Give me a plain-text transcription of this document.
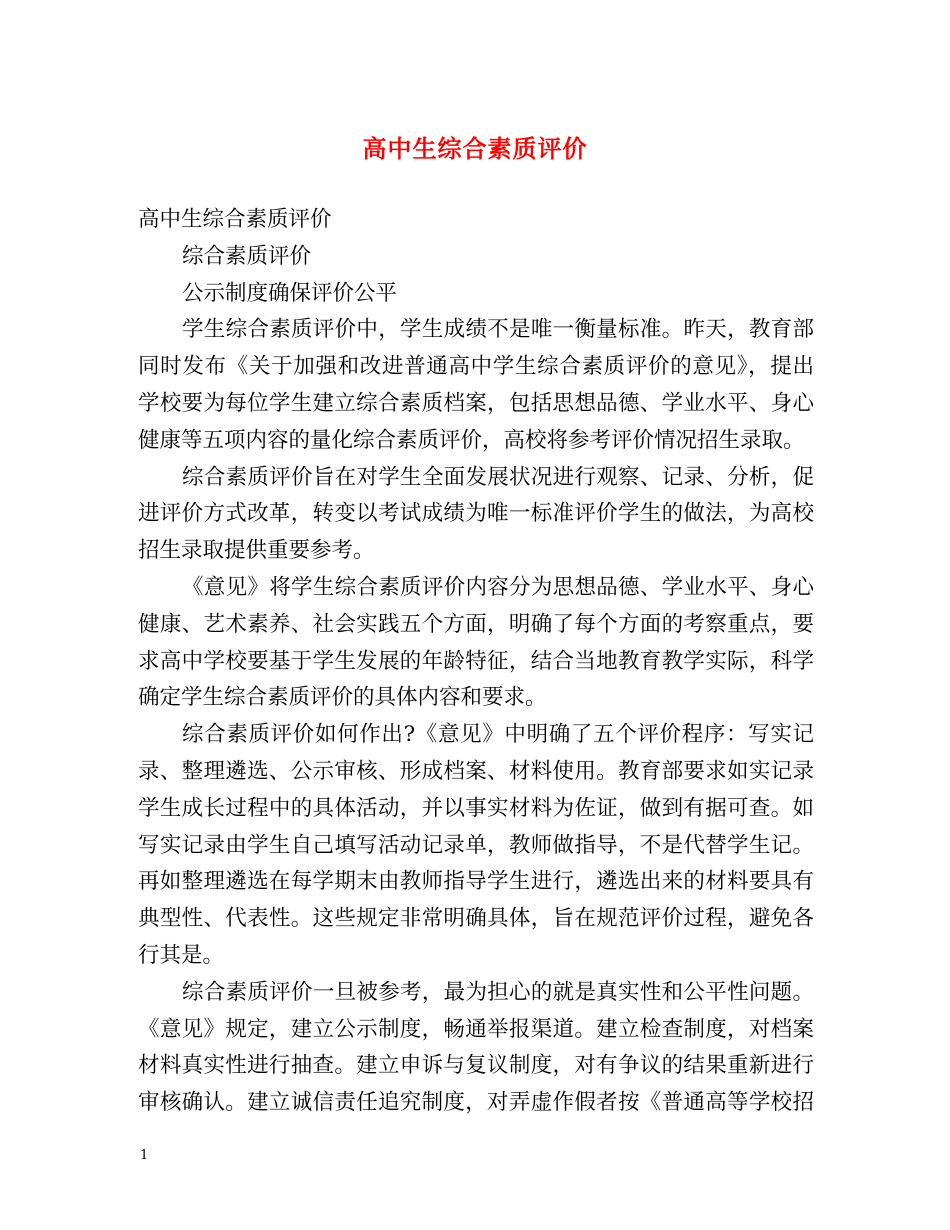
高中生综合素质评价
高中生综合素质评价
综合素质评价
公示制度确保评价公平
学生综合素质评价中，学生成绩不是唯一衡量标准。昨天，教育部
同时发布《关于加强和改进普通高中学生综合素质评价的意见》，提出
学校要为每位学生建立综合素质档案，包括思想品德、学业水平、身心
健康等五项内容的量化综合素质评价，高校将参考评价情况招生录取。
综合素质评价旨在对学生全面发展状况进行观察、记录、分析，促
进评价方式改革，转变以考试成绩为唯一标准评价学生的做法，为高校
招生录取提供重要参考。
《意见》将学生综合素质评价内容分为思想品德、学业水平、身心
健康、艺术素养、社会实践五个方面，明确了每个方面的考察重点，要
求高中学校要基于学生发展的年龄特征，结合当地教育教学实际，科学
确定学生综合素质评价的具体内容和要求。
综合素质评价如何作出?《意见》中明确了五个评价程序：写实记
录、整理遴选、公示审核、形成档案、材料使用。教育部要求如实记录
学生成长过程中的具体活动，并以事实材料为佐证，做到有据可查。如
写实记录由学生自己填写活动记录单，教师做指导，不是代替学生记。
再如整理遴选在每学期末由教师指导学生进行，遴选出来的材料要具有
典型性、代表性。这些规定非常明确具体，旨在规范评价过程，避免各
行其是。
综合素质评价一旦被参考，最为担心的就是真实性和公平性问题。
《意见》规定，建立公示制度，畅通举报渠道。建立检查制度，对档案
材料真实性进行抽查。建立申诉与复议制度，对有争议的结果重新进行
审核确认。建立诚信责任追究制度，对弄虚作假者按《普通高等学校招
1
